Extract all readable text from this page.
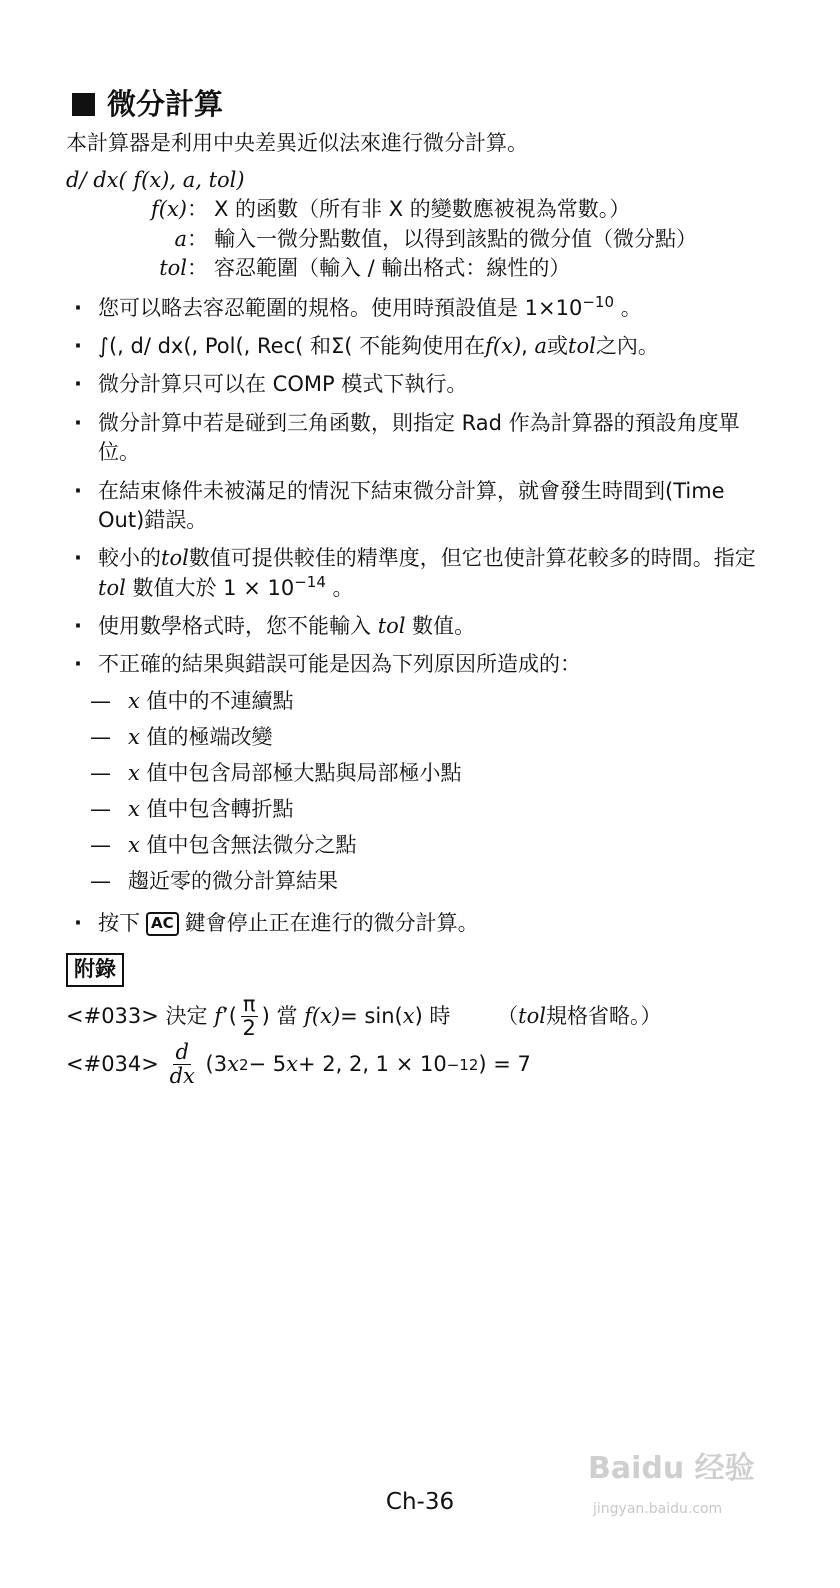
微分計算

本計算器是利用中央差異近似法來進行微分計算。

d/ dx( f(x), a, tol)

f(x)： X 的函數（所有非 X 的變數應被視為常數。）
a： 輸入一微分點數值，以得到該點的微分值（微分點）
tol： 容忍範圍（輸入 / 輸出格式：線性的）
· 您可以略去容忍範圍的規格。使用時預設值是 $1\times 10^{-10}$ 。
· ∫(, d/ dx(, Pol(, Rec( 和Σ( 不能夠使用在f(x), a或tol之內。
· 微分計算只可以在 COMP 模式下執行。
· 微分計算中若是碰到三角函數，則指定 Rad 作為計算器的預設角度單位。
· 在結束條件未被滿足的情況下結束微分計算，就會發生時間到(Time Out)錯誤。
· 較小的tol數值可提供較佳的精準度，但它也使計算花較多的時間。指定 tol 數值大於 $1 \times 10^{-14}$ 。
· 使用數學格式時，您不能輸入 tol 數值。
· 不正確的結果與錯誤可能是因為下列原因所造成的：
— x 值中的不連續點
— x 值的極端改變
— x 值中包含局部極大點與局部極小點
— x 值中包含轉折點
— x 值中包含無法微分之點
— 趨近零的微分計算結果
· 按下 AC 鍵會停止正在進行的微分計算。
附錄
<#033>
決定
f ’( $\frac{\pi}{2}$ )
當
f(x) = sin( x ) 時
（ tol 規格省略。）
<#034>
$\frac{d}{dx}$
(3 x 2 − 5 x + 2, 2, 1 × 10 −12 ) = 7
Baidu 经验
jingyan.baidu.com
Ch-36
